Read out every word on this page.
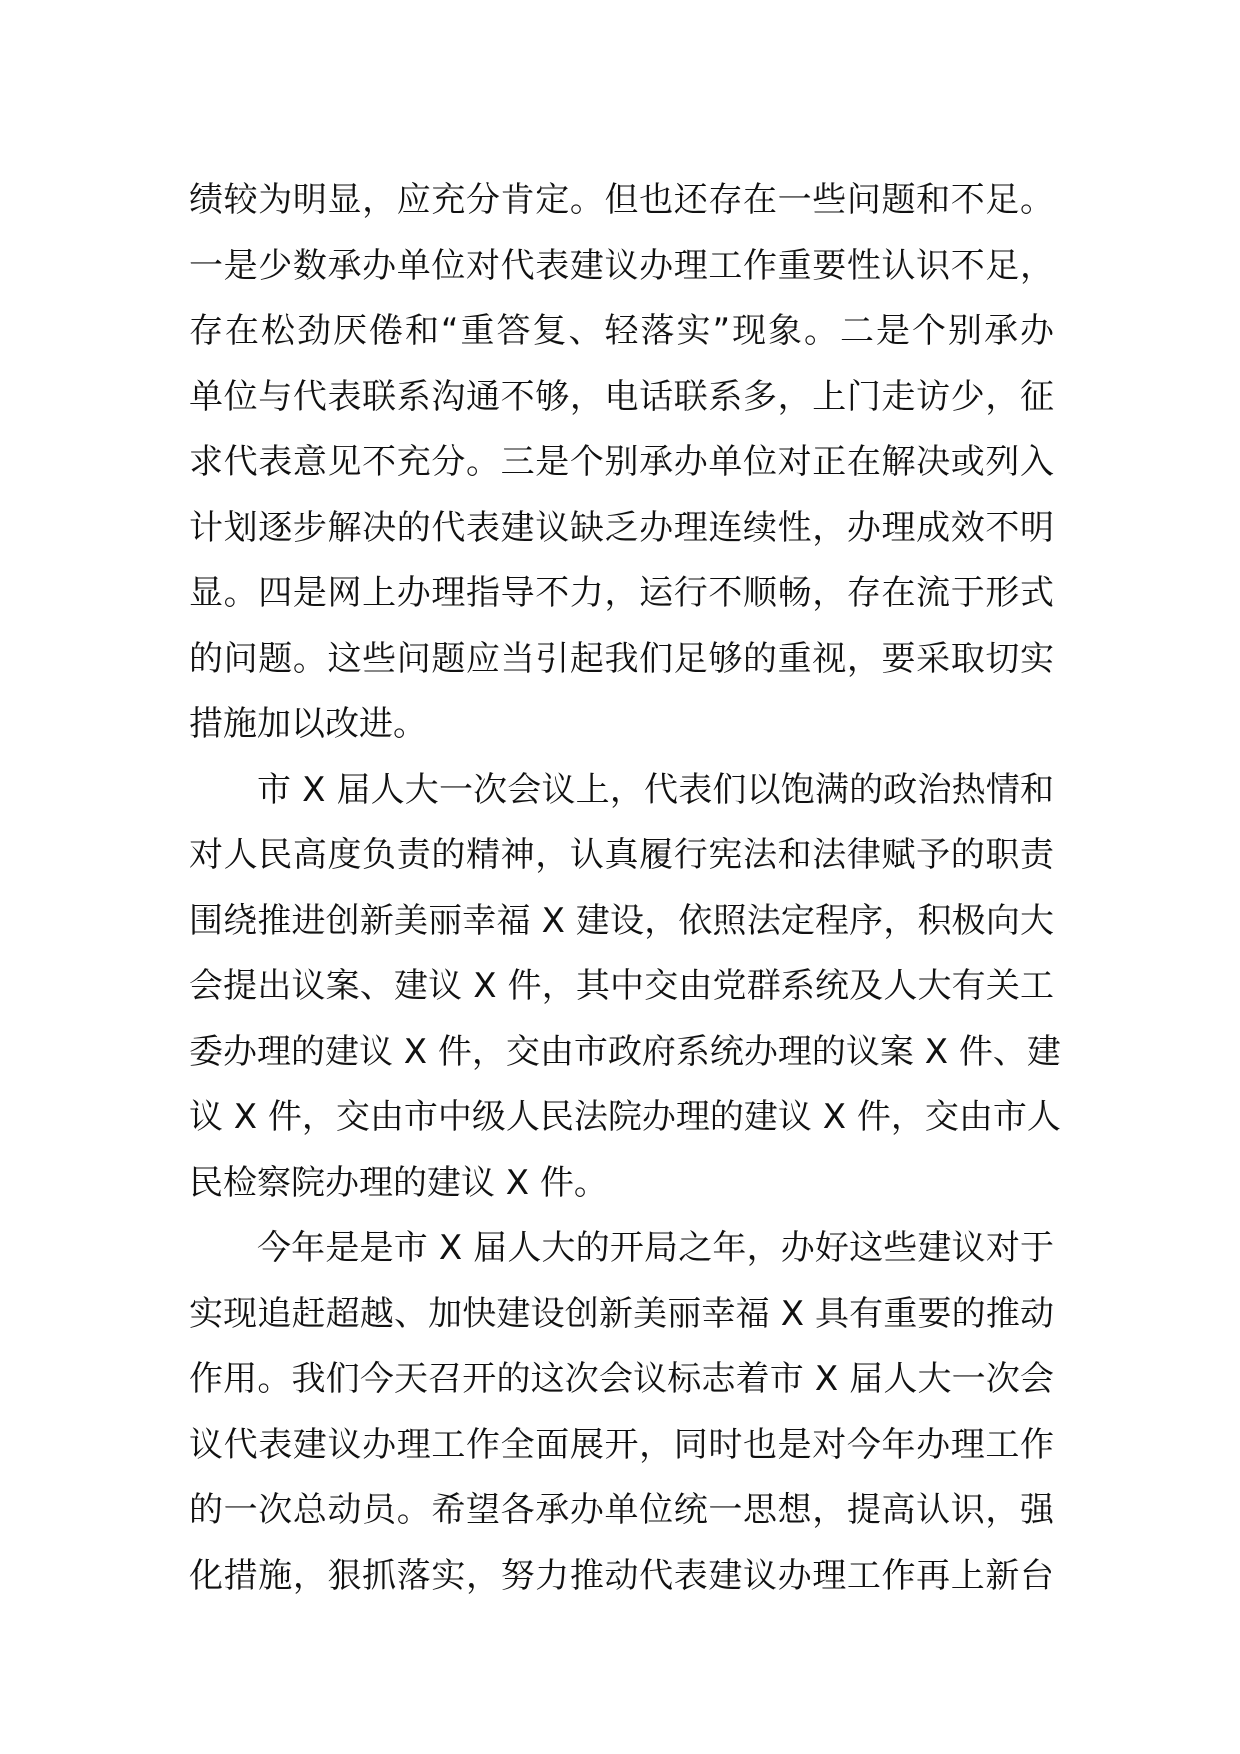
绩较为明显，应充分肯定。但也还存在一些问题和不足。
一是少数承办单位对代表建议办理工作重要性认识不足，
存在松劲厌倦和“重答复、轻落实”现象。二是个别承办
单位与代表联系沟通不够，电话联系多，上门走访少，征
求代表意见不充分。三是个别承办单位对正在解决或列入
计划逐步解决的代表建议缺乏办理连续性，办理成效不明
显。四是网上办理指导不力，运行不顺畅，存在流于形式
的问题。这些问题应当引起我们足够的重视，要采取切实
措施加以改进。
市 X 届人大一次会议上，代表们以饱满的政治热情和
对人民高度负责的精神，认真履行宪法和法律赋予的职责
围绕推进创新美丽幸福 X 建设，依照法定程序，积极向大
会提出议案、建议 X 件，其中交由党群系统及人大有关工
委办理的建议 X 件，交由市政府系统办理的议案 X 件、建
议 X 件，交由市中级人民法院办理的建议 X 件，交由市人
民检察院办理的建议 X 件。
今年是是市 X 届人大的开局之年，办好这些建议对于
实现追赶超越、加快建设创新美丽幸福 X 具有重要的推动
作用。我们今天召开的这次会议标志着市 X 届人大一次会
议代表建议办理工作全面展开，同时也是对今年办理工作
的一次总动员。希望各承办单位统一思想，提高认识，强
化措施，狠抓落实，努力推动代表建议办理工作再上新台
